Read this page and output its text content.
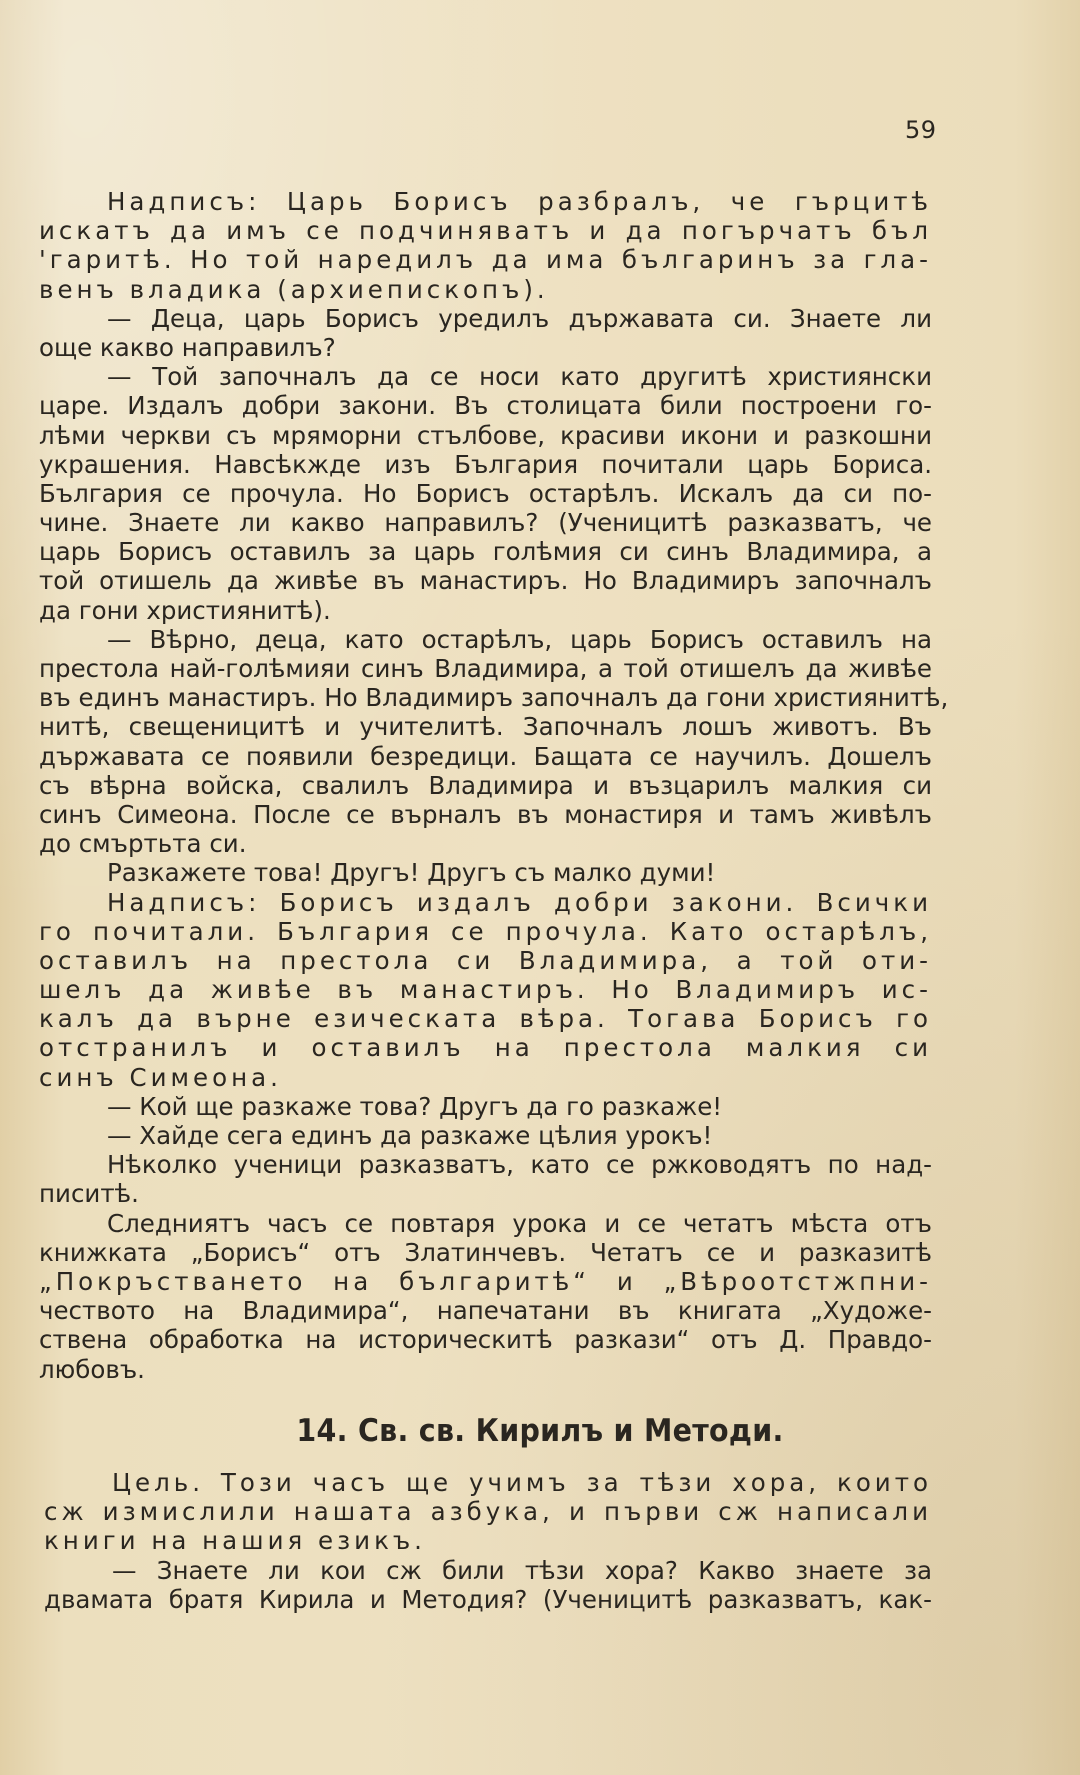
59
Надписъ: Царь Борисъ разбралъ, че гърцитѣ
искатъ да имъ се подчиняватъ и да погърчатъ бъл
'гаритѣ. Но той наредилъ да има българинъ за гла-
венъ владика (архиепископъ).
— Деца, царь Борисъ уредилъ държавата си. Знаете ли
още какво направилъ?
— Той започналъ да се носи като другитѣ християнски
царе. Издалъ добри закони. Въ столицата били построени го-
лѣми черкви съ мряморни стълбове, красиви икони и разкошни
украшения. Навсѣкжде изъ България почитали царь Бориса.
България се прочула. Но Борисъ остарѣлъ. Искалъ да си по-
чине. Знаете ли какво направилъ? (Ученицитѣ разказватъ, че
царь Борисъ оставилъ за царь голѣмия си синъ Владимира, а
той отишель да живѣе въ манастиръ. Но Владимиръ започналъ
да гони християнитѣ).
— Вѣрно, деца, като остарѣлъ, царь Борисъ оставилъ на
престола най-голѣмияи синъ Владимира, а той отишелъ да живѣе
въ единъ манастиръ. Но Владимиръ започналъ да гони християнитѣ,
нитѣ, свещеницитѣ и учителитѣ. Започналъ лошъ животъ. Въ
държавата се появили безредици. Бащата се научилъ. Дошелъ
съ вѣрна войска, свалилъ Владимира и възцарилъ малкия си
синъ Симеона. После се върналъ въ монастиря и тамъ живѣлъ
до смъртьта си.
Разкажете това! Другъ! Другъ съ малко думи!
Надписъ: Борисъ издалъ добри закони. Всички
го почитали. България се прочула. Като остарѣлъ,
оставилъ на престола си Владимира, а той оти-
шелъ да живѣе въ манастиръ. Но Владимиръ ис-
калъ да върне езическата вѣра. Тогава Борисъ го
отстранилъ и оставилъ на престола малкия си
синъ Симеона.
— Кой ще разкаже това? Другъ да го разкаже!
— Хайде сега единъ да разкаже цѣлия урокъ!
Нѣколко ученици разказватъ, като се ржководятъ по над-
писитѣ.
Следниятъ часъ се повтаря урока и се четатъ мѣста отъ
книжката „Борисъ“ отъ Златинчевъ. Четатъ се и разказитѣ
„Покръстването на българитѣ“ и „Вѣроотстжпни-
чеството на Владимира“, напечатани въ книгата „Художе-
ствена обработка на историческитѣ разкази“ отъ Д. Правдо-
любовъ.
14. Св. св. Кирилъ и Методи.
Цель. Този часъ ще учимъ за тѣзи хора, които
сж измислили нашата азбука, и първи сж написали
книги на нашия езикъ.
— Знаете ли кои сж били тѣзи хора? Какво знаете за
двамата братя Кирила и Методия? (Ученицитѣ разказватъ, как-
